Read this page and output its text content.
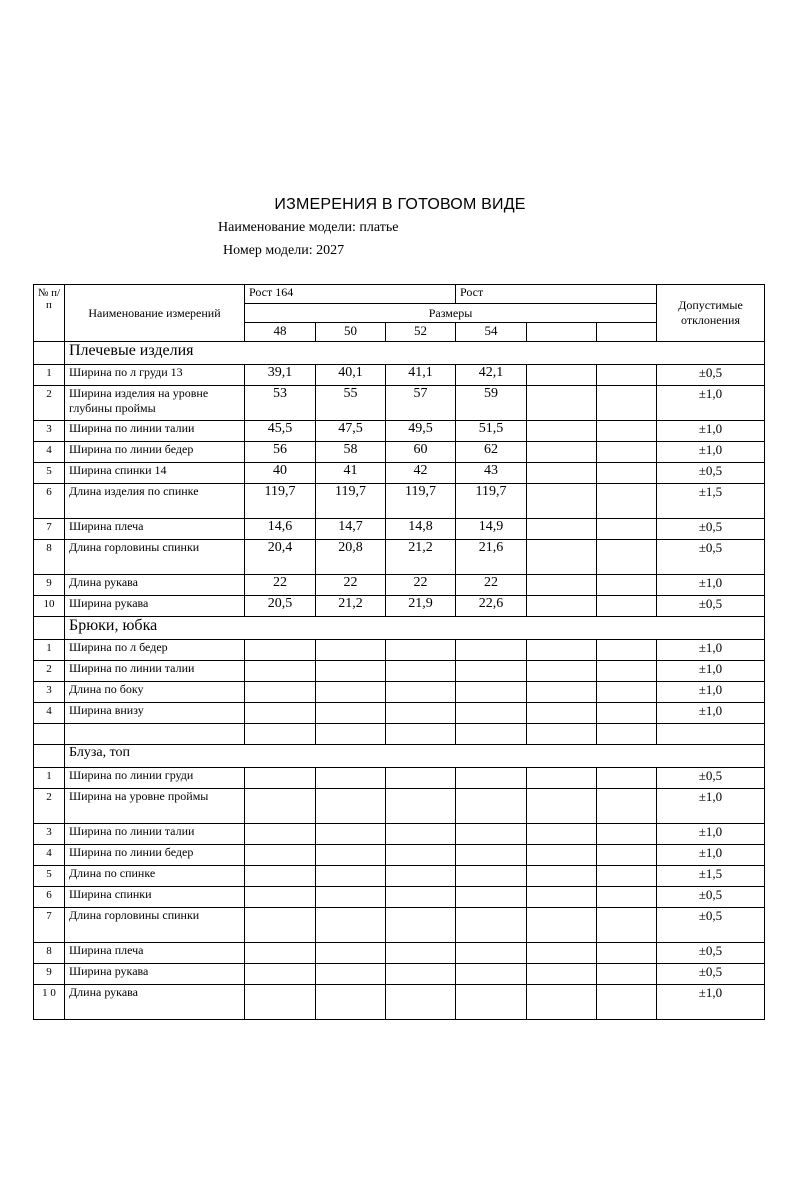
ИЗМЕРЕНИЯ В ГОТОВОМ ВИДЕ
Наименование модели: платье
Номер модели: 2027
№ п/ п	Наименование измерений	Рост 164			Рост			Допустимые отклонения
		Размеры						
		48	50	52	54			
	Плечевые изделия							
1	Ширина по л груди 13	39,1	40,1	41,1	42,1			±0,5
2	Ширина изделия на уровне глубины проймы	53	55	57	59			±1,0
3	Ширина по линии талии	45,5	47,5	49,5	51,5			±1,0
4	Ширина по линии бедер	56	58	60	62			±1,0
5	Ширина спинки 14	40	41	42	43			±0,5
6	Длина изделия по спинке	119,7	119,7	119,7	119,7			±1,5
7	Ширина плеча	14,6	14,7	14,8	14,9			±0,5
8	Длина горловины спинки	20,4	20,8	21,2	21,6			±0,5
9	Длина рукава	22	22	22	22			±1,0
10	Ширина рукава	20,5	21,2	21,9	22,6			±0,5
	Брюки, юбка							
1	Ширина по л бедер							±1,0
2	Ширина по линии талии							±1,0
3	Длина по боку							±1,0
4	Ширина внизу							±1,0

	Блуза, топ							
1	Ширина по линии груди							±0,5
2	Ширина на уровне проймы							±1,0
3	Ширина по линии талии							±1,0
4	Ширина по линии бедер							±1,0
5	Длина по спинке							±1,5
6	Ширина спинки							±0,5
7	Длина горловины спинки							±0,5
8	Ширина плеча							±0,5
9	Ширина рукава							±0,5
1 0	Длина рукава							±1,0
